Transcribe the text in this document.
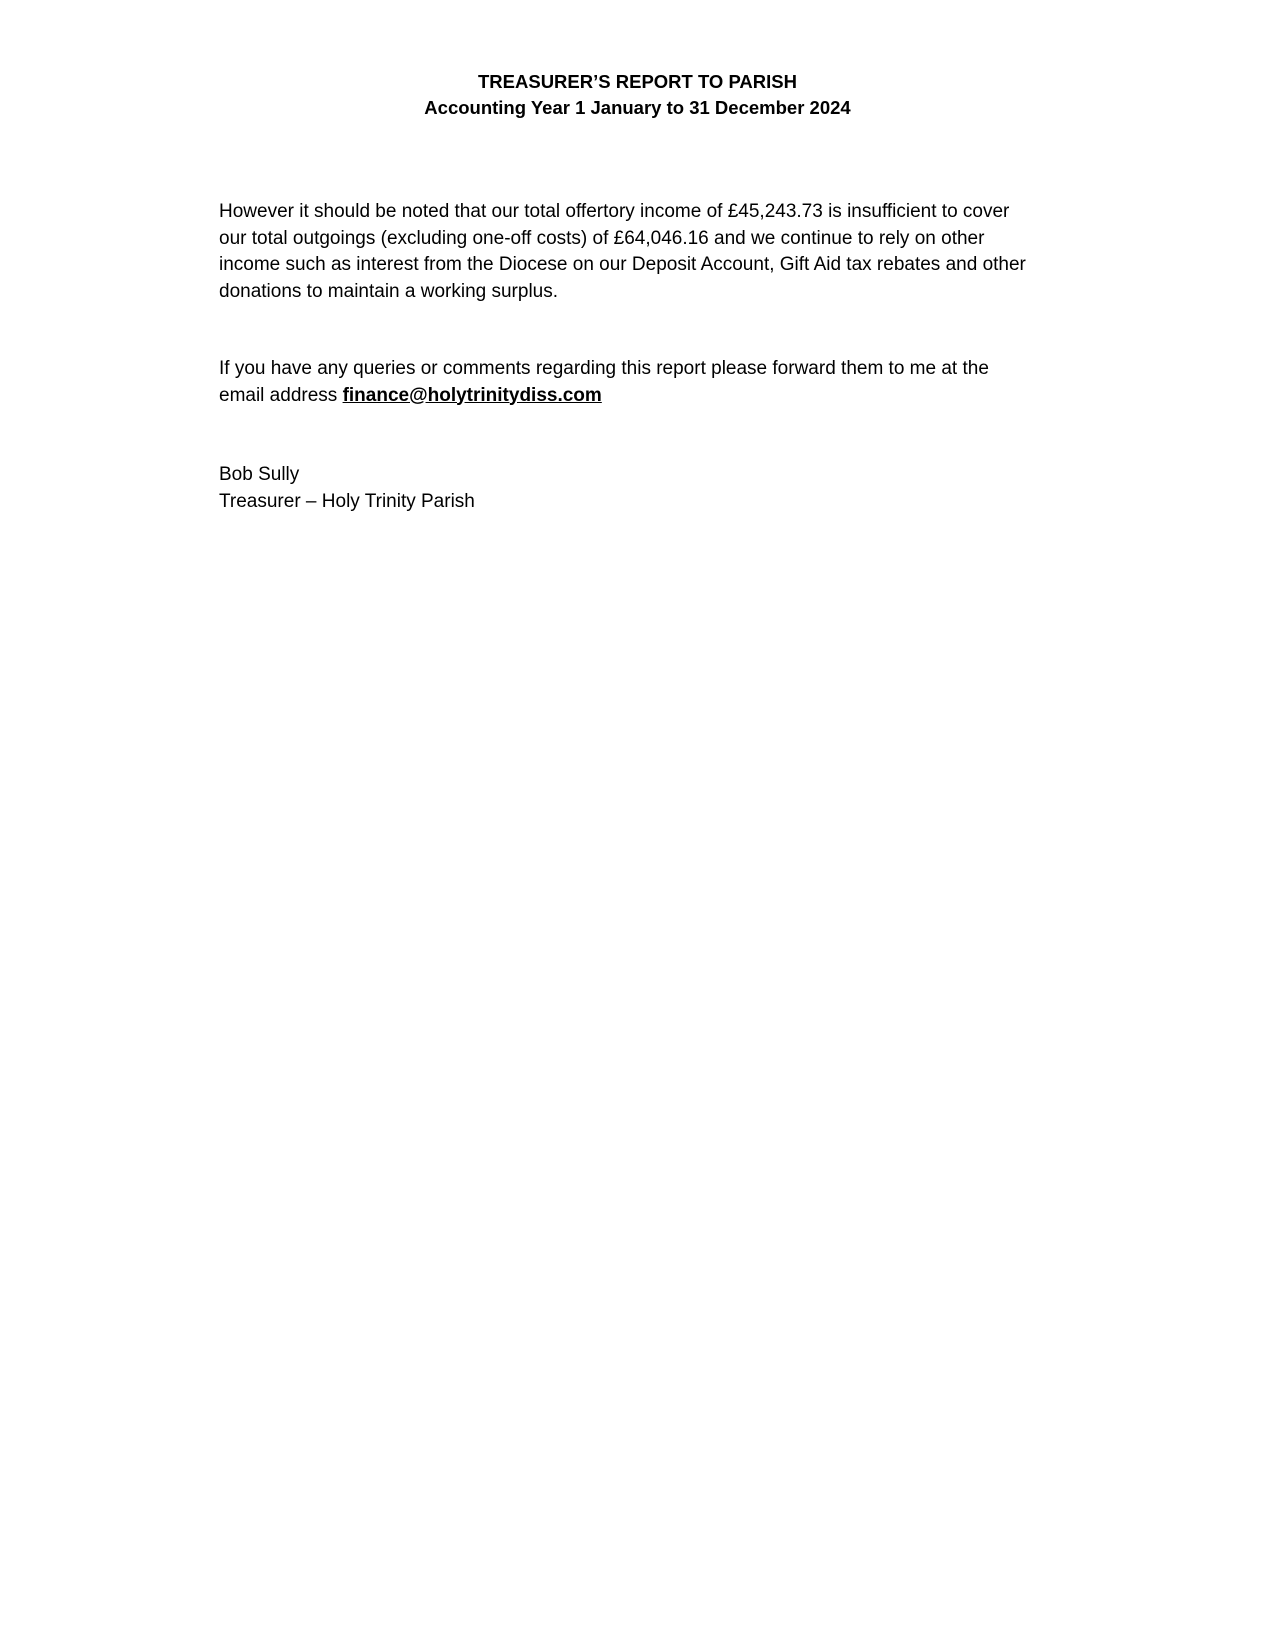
TREASURER’S REPORT TO PARISH
Accounting Year 1 January to 31 December 2024
However it should be noted that our total offertory income of £45,243.73 is insufficient to cover our total outgoings (excluding one-off costs) of £64,046.16 and we continue to rely on other income such as interest from the Diocese on our Deposit Account, Gift Aid tax rebates and other donations to maintain a working surplus.
If you have any queries or comments regarding this report please forward them to me at the email address finance@holytrinitydiss.com
Bob Sully
Treasurer – Holy Trinity Parish
